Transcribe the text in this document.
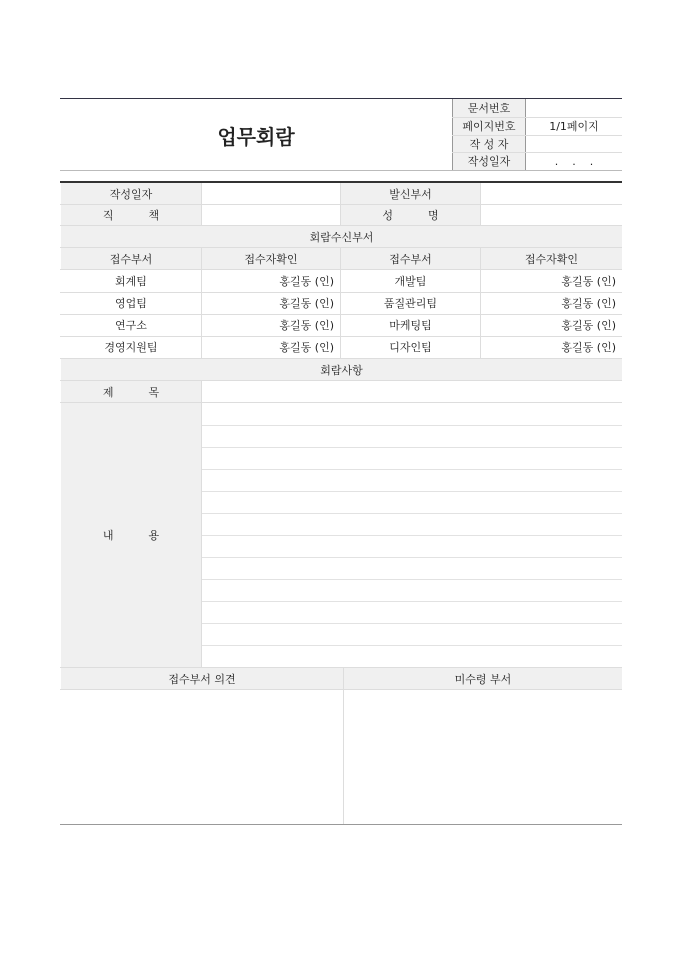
업무회람
문서번호
페이지번호	1/1페이지
작 성 자
작성일자	.    .    .
작성일자	발신부서
직          책	성          명
회람수신부서
접수부서	접수자확인	접수부서	접수자확인
회계팀	홍길동 (인)	개발팀	홍길동 (인)
영업팀	홍길동 (인)	품질관리팀	홍길동 (인)
연구소	홍길동 (인)	마케팅팀	홍길동 (인)
경영지원팀	홍길동 (인)	디자인팀	홍길동 (인)
회람사항
제          목
내          용
접수부서 의견	미수령 부서
